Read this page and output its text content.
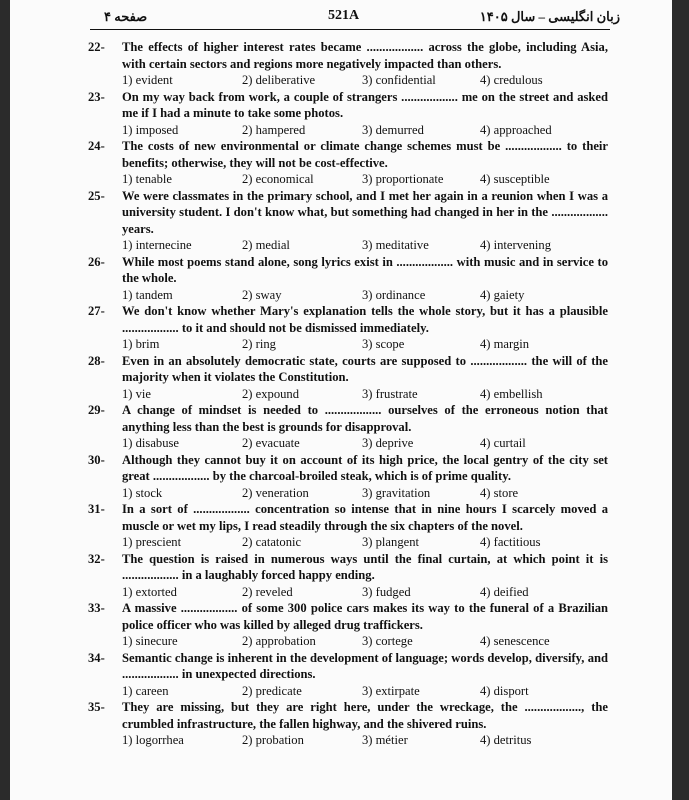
صفحه ۴	521A	زبان انگلیسی – سال ۱۴۰۵
22-	The effects of higher interest rates became .................. across the globe, including Asia, with certain sectors and regions more negatively impacted than others.
1) evident	2) deliberative	3) confidential	4) credulous
23-	On my way back from work, a couple of strangers .................. me on the street and asked me if I had a minute to take some photos.
1) imposed	2) hampered	3) demurred	4) approached
24-	The costs of new environmental or climate change schemes must be .................. to their benefits; otherwise, they will not be cost-effective.
1) tenable	2) economical	3) proportionate	4) susceptible
25-	We were classmates in the primary school, and I met her again in a reunion when I was a university student. I don't know what, but something had changed in her in the .................. years.
1) internecine	2) medial	3) meditative	4) intervening
26-	While most poems stand alone, song lyrics exist in .................. with music and in service to the whole.
1) tandem	2) sway	3) ordinance	4) gaiety
27-	We don't know whether Mary's explanation tells the whole story, but it has a plausible .................. to it and should not be dismissed immediately.
1) brim	2) ring	3) scope	4) margin
28-	Even in an absolutely democratic state, courts are supposed to .................. the will of the majority when it violates the Constitution.
1) vie	2) expound	3) frustrate	4) embellish
29-	A change of mindset is needed to .................. ourselves of the erroneous notion that anything less than the best is grounds for disapproval.
1) disabuse	2) evacuate	3) deprive	4) curtail
30-	Although they cannot buy it on account of its high price, the local gentry of the city set great .................. by the charcoal-broiled steak, which is of prime quality.
1) stock	2) veneration	3) gravitation	4) store
31-	In a sort of .................. concentration so intense that in nine hours I scarcely moved a muscle or wet my lips, I read steadily through the six chapters of the novel.
1) prescient	2) catatonic	3) plangent	4) factitious
32-	The question is raised in numerous ways until the final curtain, at which point it is .................. in a laughably forced happy ending.
1) extorted	2) reveled	3) fudged	4) deified
33-	A massive .................. of some 300 police cars makes its way to the funeral of a Brazilian police officer who was killed by alleged drug traffickers.
1) sinecure	2) approbation	3) cortege	4) senescence
34-	Semantic change is inherent in the development of language; words develop, diversify, and .................. in unexpected directions.
1) careen	2) predicate	3) extirpate	4) disport
35-	They are missing, but they are right here, under the wreckage, the .................., the crumbled infrastructure, the fallen highway, and the shivered ruins.
1) logorrhea	2) probation	3) métier	4) detritus
